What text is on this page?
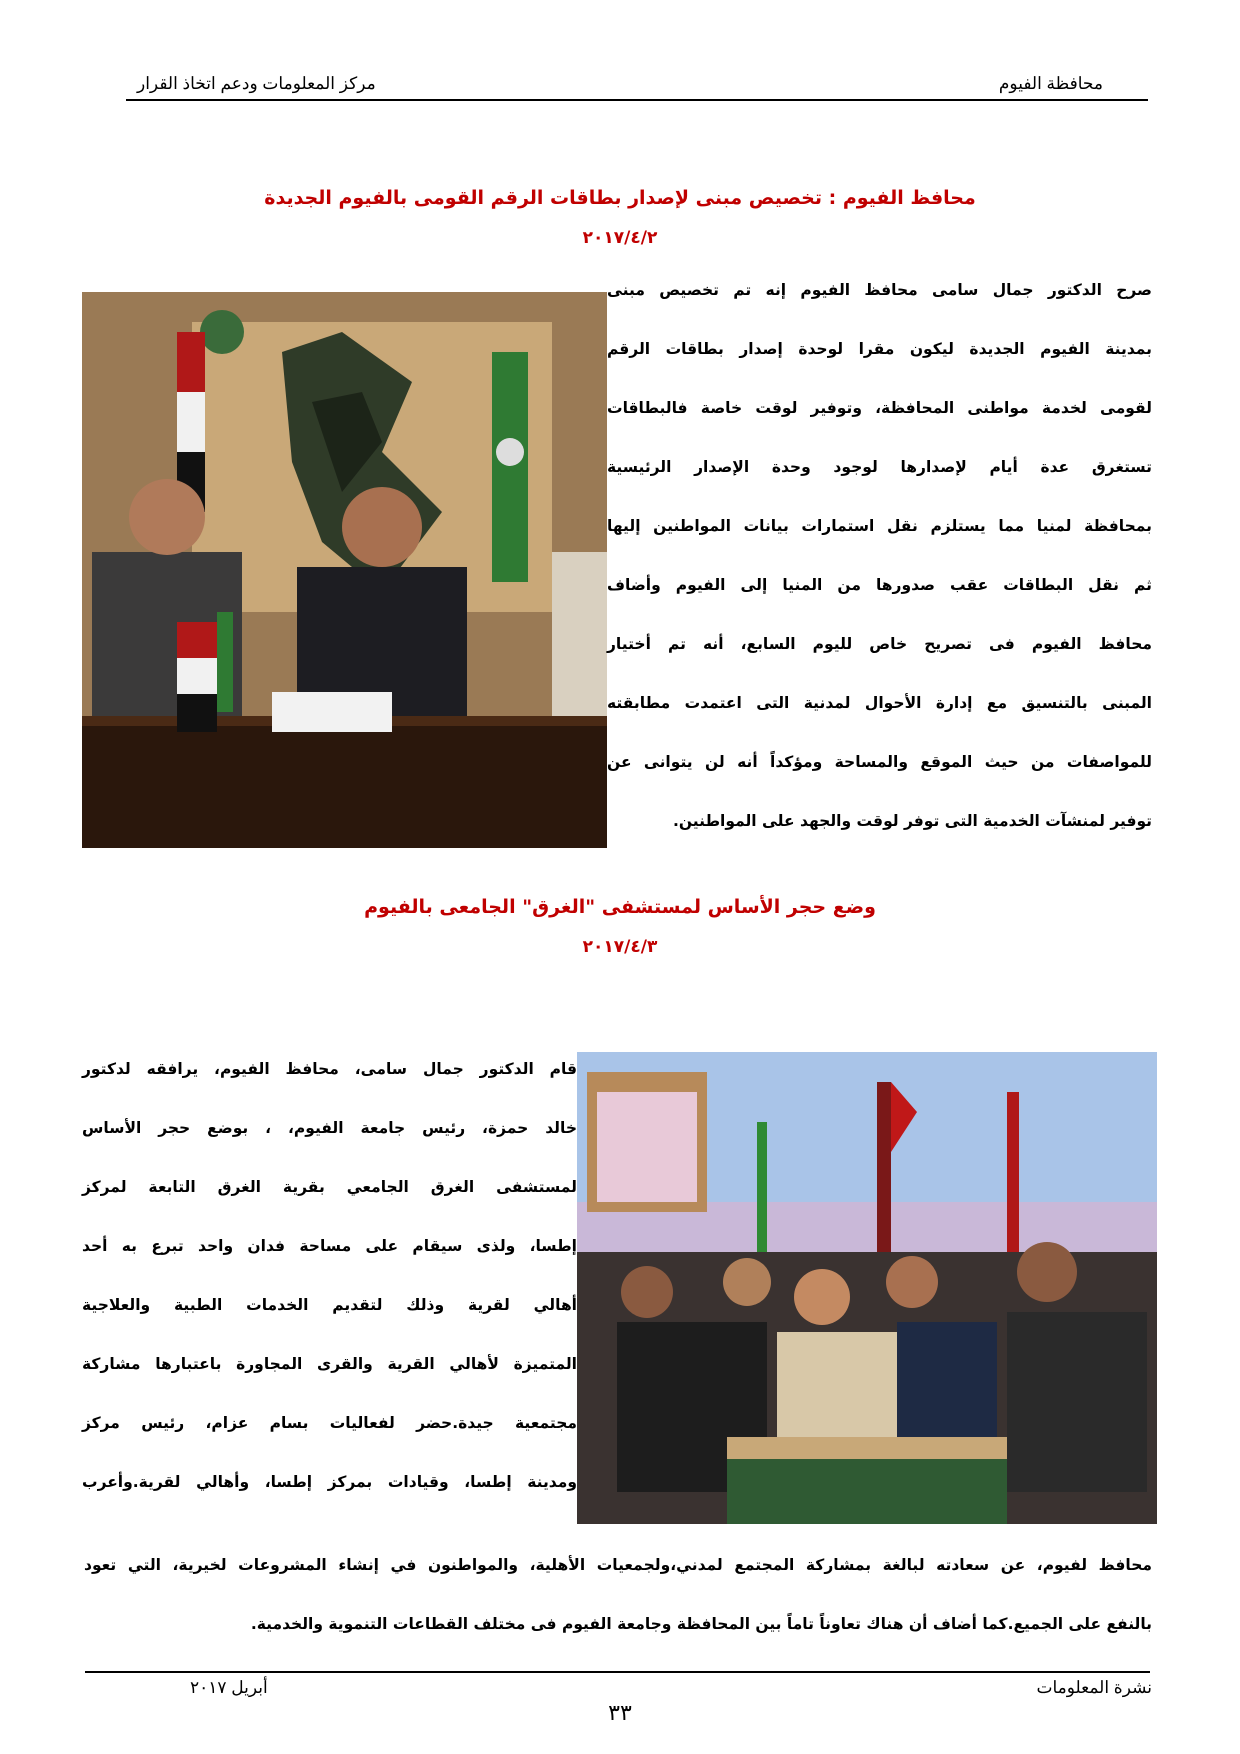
محافظة الفيوم
مركز المعلومات ودعم اتخاذ القرار
محافظ الفيوم : تخصيص مبنى لإصدار بطاقات الرقم القومى بالفيوم الجديدة
٢٠١٧/٤/٢
صرح الدكتور جمال سامى محافظ الفيوم إنه تم تخصيص مبنى
بمدينة الفيوم الجديدة ليكون مقرا لوحدة إصدار بطاقات الرقم
لقومى لخدمة مواطنى المحافظة، وتوفير لوقت خاصة فالبطاقات
تستغرق عدة أيام لإصدارها لوجود وحدة الإصدار الرئيسية
بمحافظة لمنيا مما يستلزم نقل استمارات بيانات المواطنين إليها
ثم نقل البطاقات عقب صدورها من المنيا إلى الفيوم وأضاف
محافظ الفيوم فى تصريح خاص لليوم السابع، أنه تم أختيار
المبنى بالتنسيق مع إدارة الأحوال لمدنية التى اعتمدت مطابقته
للمواصفات من حيث الموقع والمساحة ومؤكداً أنه لن يتوانى عن
توفير لمنشآت الخدمية التى توفر لوقت والجهد على المواطنين.
وضع حجر الأساس لمستشفى "الغرق" الجامعى بالفيوم
٢٠١٧/٤/٣
قام الدكتور جمال سامى، محافظ الفيوم، يرافقه لدكتور
خالد حمزة، رئيس جامعة الفيوم، ، بوضع حجر الأساس
لمستشفى الغرق الجامعي بقرية الغرق التابعة لمركز
إطسا، ولذى سيقام على مساحة فدان واحد تبرع به أحد
أهالي لقرية وذلك لتقديم الخدمات الطبية والعلاجية
المتميزة لأهالي القرية والقرى المجاورة باعتبارها مشاركة
مجتمعية جيدة.حضر لفعاليات بسام عزام، رئيس مركز
ومدينة إطسا، وقيادات بمركز إطسا، وأهالي لقرية.وأعرب
محافظ لفيوم، عن سعادته لبالغة بمشاركة المجتمع لمدني،ولجمعيات الأهلية، والمواطنون في إنشاء المشروعات لخيرية، التي تعود
بالنفع على الجميع.كما أضاف أن هناك تعاوناً تاماً بين المحافظة وجامعة الفيوم فى مختلف القطاعات التنموية والخدمية.
نشرة المعلومات
أبريل ٢٠١٧
٣٣
